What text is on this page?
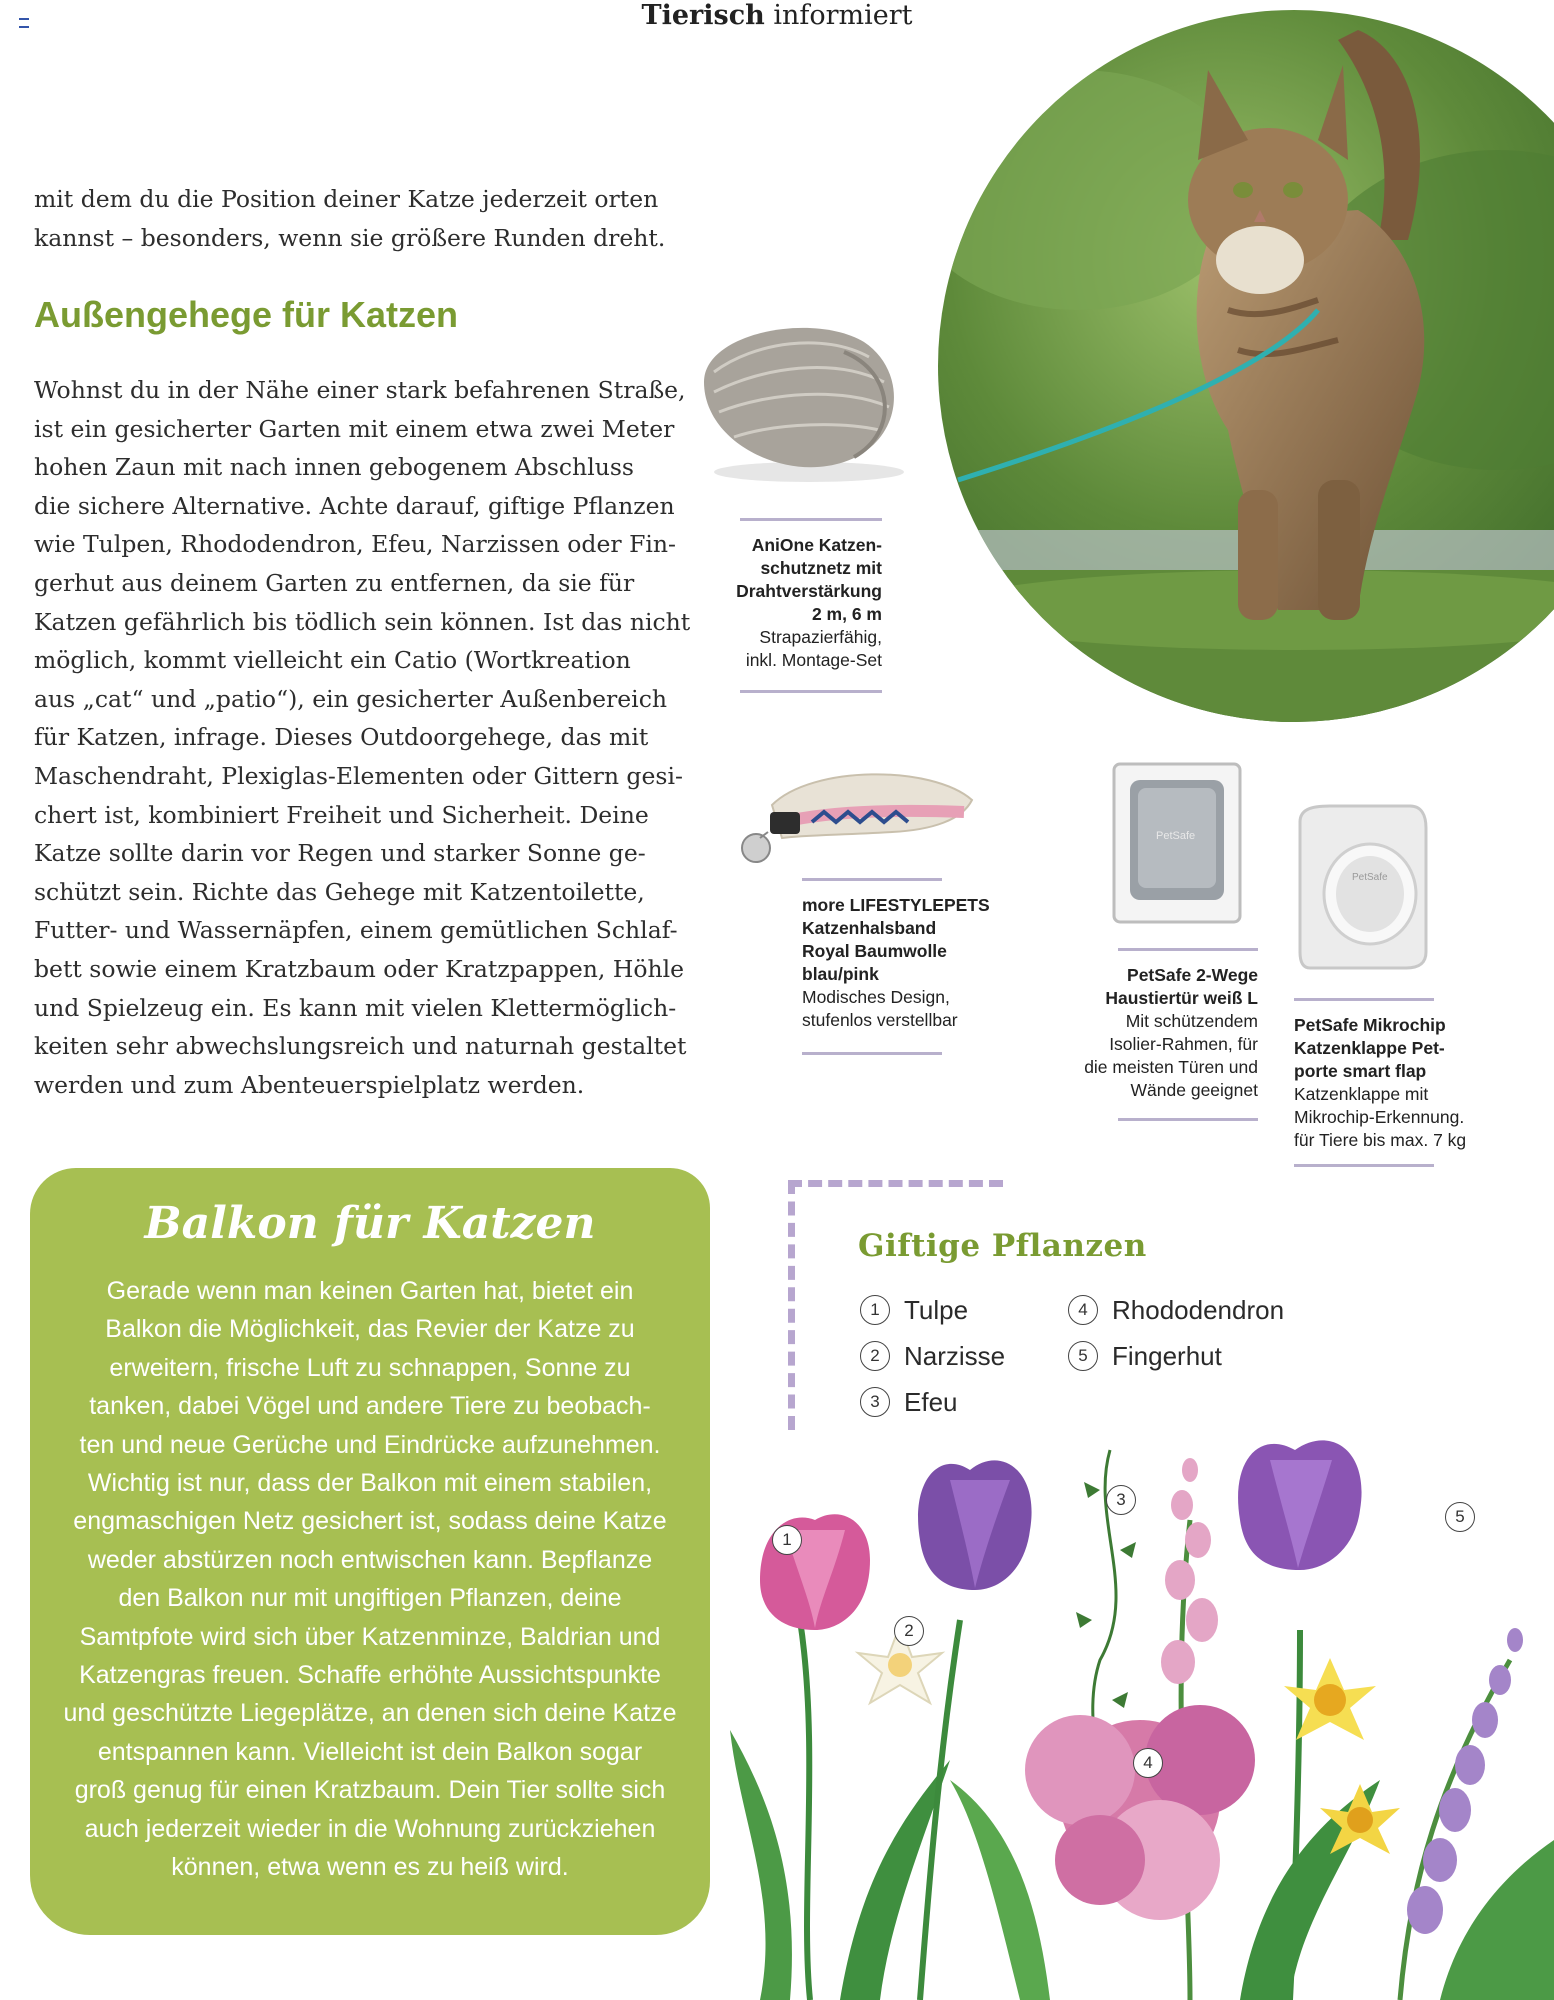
Tierisch informiert

mit dem du die Position deiner Katze jederzeit orten

kannst – besonders, wenn sie größere Runden dreht.

Außengehege für Katzen

Wohnst du in der Nähe einer stark befahrenen Straße,

ist ein gesicherter Garten mit einem etwa zwei Meter

hohen Zaun mit nach innen gebogenem Abschluss

die sichere Alternative. Achte darauf, giftige Pflanzen

wie Tulpen, Rhododendron, Efeu, Narzissen oder Fin-

gerhut aus deinem Garten zu entfernen, da sie für

Katzen gefährlich bis tödlich sein können. Ist das nicht

möglich, kommt vielleicht ein Catio (Wortkreation

aus „cat“ und „patio“), ein gesicherter Außenbereich

für Katzen, infrage. Dieses Outdoorgehege, das mit

Maschendraht, Plexiglas-Elementen oder Gittern gesi-

chert ist, kombiniert Freiheit und Sicherheit. Deine

Katze sollte darin vor Regen und starker Sonne ge-

schützt sein. Richte das Gehege mit Katzentoilette,

Futter- und Wassernäpfen, einem gemütlichen Schlaf-

bett sowie einem Kratzbaum oder Kratzpappen, Höhle

und Spielzeug ein. Es kann mit vielen Klettermöglich-

keiten sehr abwechslungsreich und naturnah gestaltet

werden und zum Abenteuerspielplatz werden.

AniOne Katzen-
schutznetz mit
Drahtverstärkung
2 m, 6 m
Strapazierfähig,
inkl. Montage-Set
more LIFESTYLEPETS
Katzenhalsband
Royal Baumwolle
blau/pink
Modisches Design,
stufenlos verstellbar
PetSafe
PetSafe 2-Wege
Haustiertür weiß L
Mit schützendem
Isolier-Rahmen, für
die meisten Türen und
Wände geeignet
PetSafe
PetSafe Mikrochip
Katzenklappe Pet-
porte smart flap
Katzenklappe mit
Mikrochip-Erkennung.
für Tiere bis max. 7 kg
Balkon für Katzen

Gerade wenn man keinen Garten hat, bietet ein
Balkon die Möglichkeit, das Revier der Katze zu
erweitern, frische Luft zu schnappen, Sonne zu
tanken, dabei Vögel und andere Tiere zu beobach-
ten und neue Gerüche und Eindrücke aufzunehmen.
Wichtig ist nur, dass der Balkon mit einem stabilen,
engmaschigen Netz gesichert ist, sodass deine Katze
weder abstürzen noch entwischen kann. Bepflanze
den Balkon nur mit ungiftigen Pflanzen, deine
Samtpfote wird sich über Katzenminze, Baldrian und
Katzengras freuen. Schaffe erhöhte Aussichtspunkte
und geschützte Liegeplätze, an denen sich deine Katze
entspannen kann. Vielleicht ist dein Balkon sogar
groß genug für einen Kratzbaum. Dein Tier sollte sich
auch jederzeit wieder in die Wohnung zurückziehen
können, etwa wenn es zu heiß wird.

Giftige Pflanzen
1 Tulpe
2 Narzisse
3 Efeu
4 Rhododendron
5 Fingerhut
1
2
3
4
5
